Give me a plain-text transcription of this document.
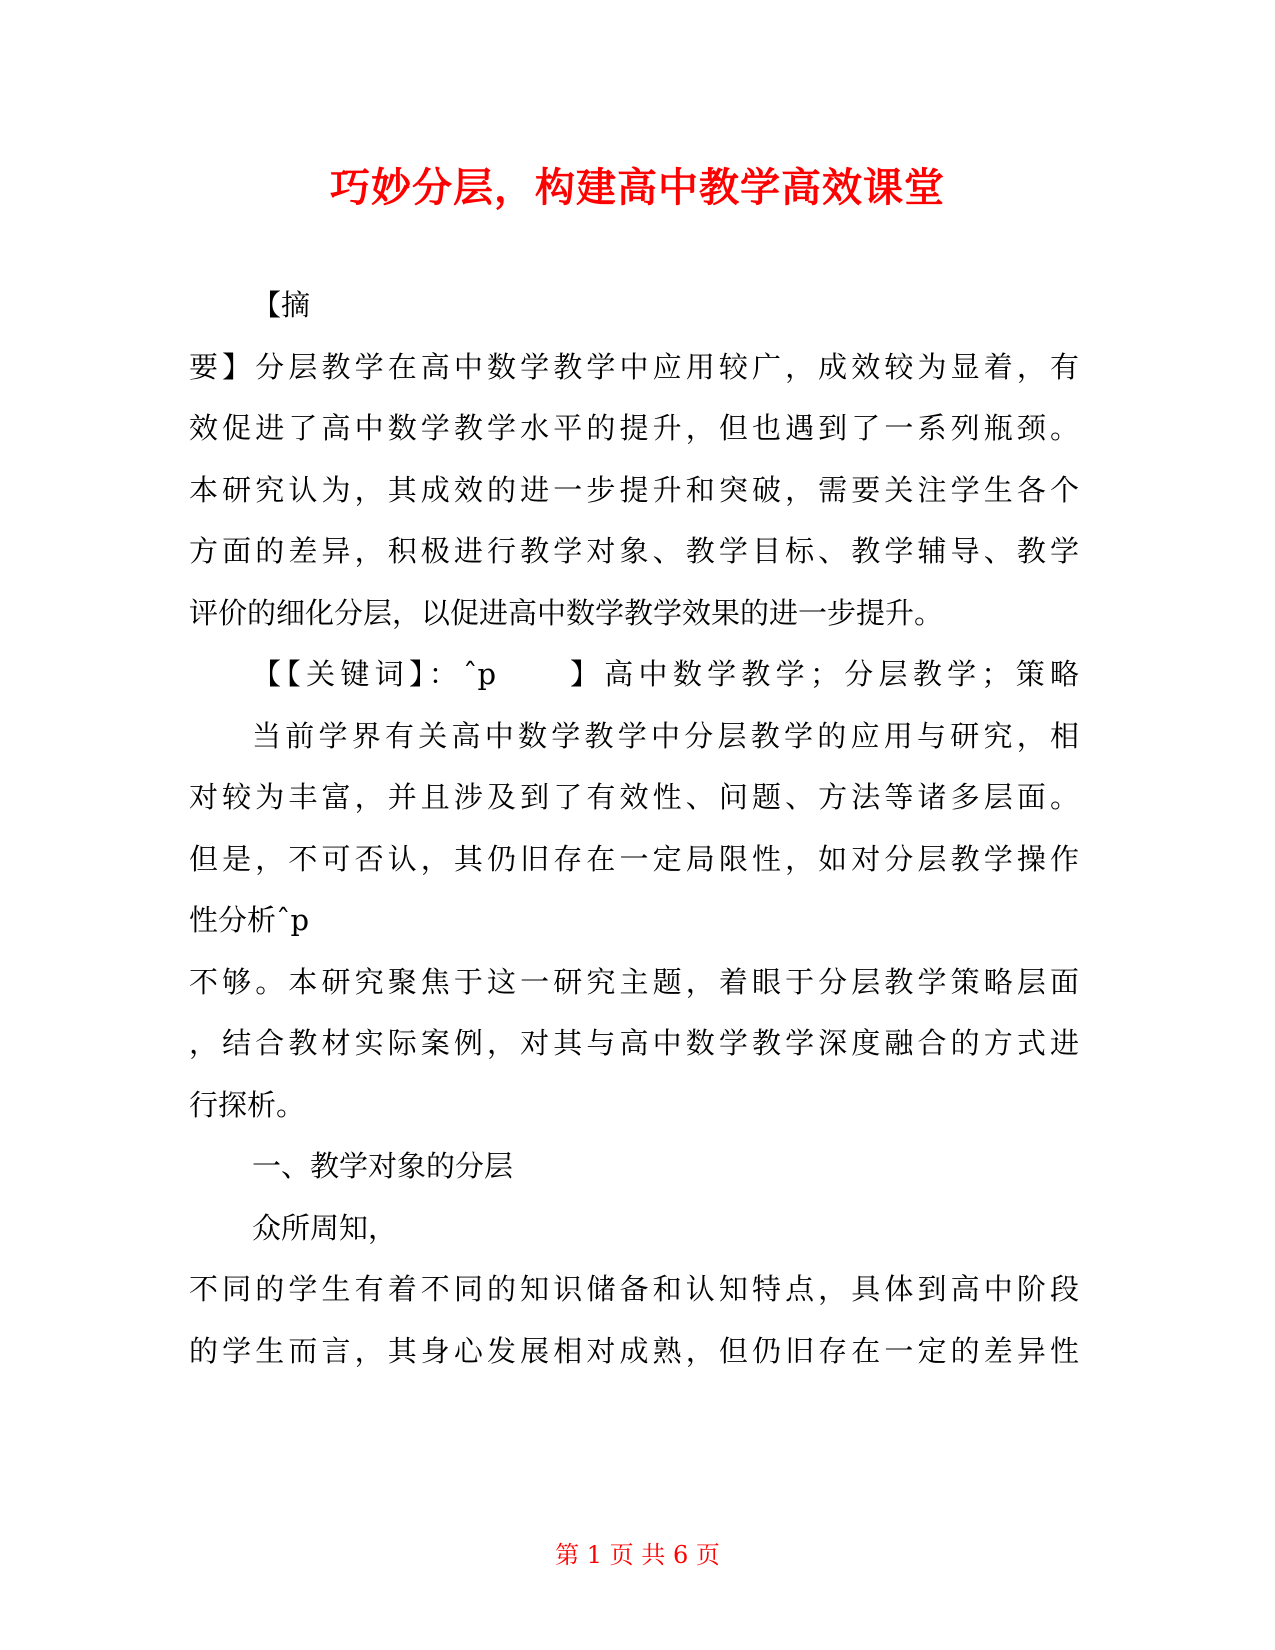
巧妙分层，构建高中教学高效课堂

【摘

要】分层教学在高中数学教学中应用较广，成效较为显着，有

效促进了高中数学教学水平的提升，但也遇到了一系列瓶颈。

本研究认为，其成效的进一步提升和突破，需要关注学生各个

方面的差异，积极进行教学对象、教学目标、教学辅导、教学

评价的细化分层，以促进高中数学教学效果的进一步提升。

【【关键词】：ˆp　　】高中数学教学；分层教学；策略

当前学界有关高中数学教学中分层教学的应用与研究，相

对较为丰富，并且涉及到了有效性、问题、方法等诸多层面。

但是，不可否认，其仍旧存在一定局限性，如对分层教学操作

性分析ˆp

不够。本研究聚焦于这一研究主题，着眼于分层教学策略层面

，结合教材实际案例，对其与高中数学教学深度融合的方式进

行探析。

一、教学对象的分层

众所周知，

不同的学生有着不同的知识储备和认知特点，具体到高中阶段

的学生而言，其身心发展相对成熟，但仍旧存在一定的差异性

第 1 页 共 6 页
